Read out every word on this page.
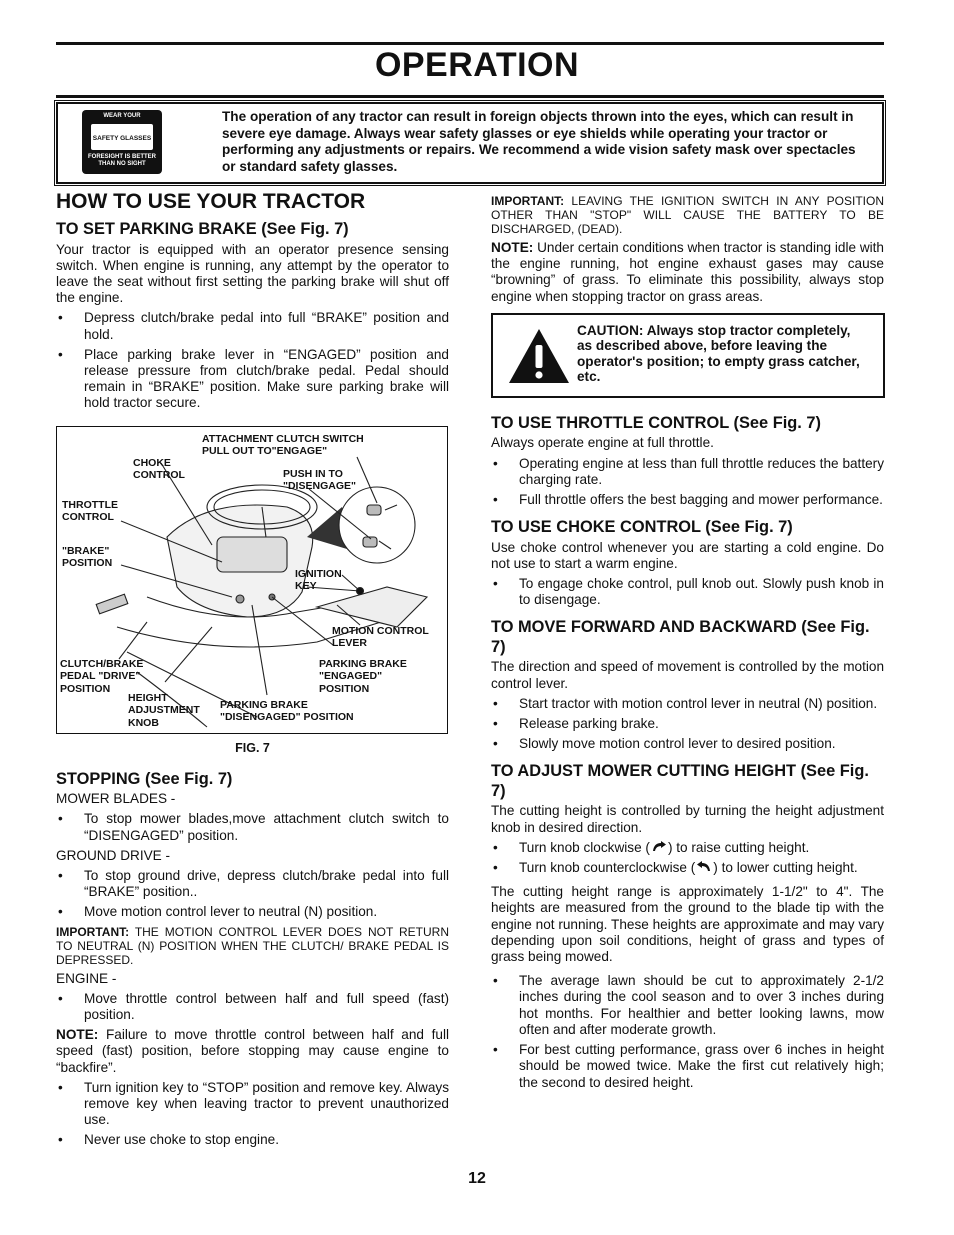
OPERATION
WEAR YOUR
SAFETY GLASSES
FORESIGHT IS BETTER THAN NO SIGHT
The operation of any tractor can result in foreign objects thrown into the eyes, which can result in severe eye damage. Always wear safety glasses or eye shields while operating your tractor or performing any adjustments or repairs. We recommend a wide vision safety mask over spectacles or standard safety glasses.
HOW TO USE YOUR TRACTOR
TO SET PARKING BRAKE (See Fig. 7)

Your tractor is equipped with an operator presence sensing switch. When engine is running, any attempt by the operator to leave the seat without first setting the parking brake will shut off the engine.

• Depress clutch/brake pedal into full “BRAKE” position and hold.
• Place parking brake lever in “ENGAGED” position and release pressure from clutch/brake pedal. Pedal should remain in “BRAKE” position. Make sure parking brake will hold tractor secure.
ATTACHMENT CLUTCH SWITCH
PULL OUT TO"ENGAGE"
CHOKE
CONTROL	PUSH IN TO
"DISENGAGE"
THROTTLE
CONTROL
"BRAKE"
POSITION
IGNITION
KEY
MOTION CONTROL
LEVER
CLUTCH/BRAKE
PEDAL "DRIVE"
POSITION
PARKING BRAKE
"ENGAGED"
POSITION
HEIGHT
ADJUSTMENT
KNOB
PARKING BRAKE
"DISENGAGED" POSITION
FIG. 7
STOPPING (See Fig. 7)

MOWER BLADES -

• To stop mower blades,move attachment clutch switch to “DISENGAGED” position.

GROUND DRIVE -

• To stop ground drive, depress clutch/brake pedal into full “BRAKE” position..
• Move motion control lever to neutral (N) position.

IMPORTANT: THE MOTION CONTROL LEVER DOES NOT RETURN TO NEUTRAL (N) POSITION WHEN THE CLUTCH/ BRAKE PEDAL IS DEPRESSED.

ENGINE -

• Move throttle control between half and full speed (fast) position.

NOTE: Failure to move throttle control between half and full speed (fast) position, before stopping may cause engine to “backfire”.

• Turn ignition key to “STOP” position and remove key. Always remove key when leaving tractor to prevent unauthorized use.
• Never use choke to stop engine.

IMPORTANT: LEAVING THE IGNITION SWITCH IN ANY POSITION OTHER THAN "STOP" WILL CAUSE THE BATTERY TO BE DISCHARGED, (DEAD).

NOTE: Under certain conditions when tractor is standing idle with the engine running, hot engine exhaust gases may cause “browning” of grass. To eliminate this possibility, always stop engine when stopping tractor on grass areas.

CAUTION: Always stop tractor completely, as described above, before leaving the operator's position; to empty grass catcher, etc.
TO USE THROTTLE CONTROL (See Fig. 7)

Always operate engine at full throttle.

• Operating engine at less than full throttle reduces the battery charging rate.
• Full throttle offers the best bagging and mower performance.
TO USE CHOKE CONTROL (See Fig. 7)

Use choke control whenever you are starting a cold engine. Do not use to start a warm engine.

• To engage choke control, pull knob out. Slowly push knob in to disengage.
TO MOVE FORWARD AND BACKWARD (See Fig. 7)

The direction and speed of movement is controlled by the motion control lever.

• Start tractor with motion control lever in neutral (N) position.
• Release parking brake.
• Slowly move motion control lever to desired position.
TO ADJUST MOWER CUTTING HEIGHT (See Fig. 7)

The cutting height is controlled by turning the height adjustment knob in desired direction.

• Turn knob clockwise ( ) to raise cutting height.
• Turn knob counterclockwise ( ) to lower cutting height.

The cutting height range is approximately 1-1/2" to 4". The heights are measured from the ground to the blade tip with the engine not running. These heights are approximate and may vary depending upon soil conditions, height of grass and types of grass being mowed.

• The average lawn should be cut to approximately 2-1/2 inches during the cool season and to over 3 inches during hot months. For healthier and better looking lawns, mow often and after moderate growth.
• For best cutting performance, grass over 6 inches in height should be mowed twice. Make the first cut relatively high; the second to desired height.
12
